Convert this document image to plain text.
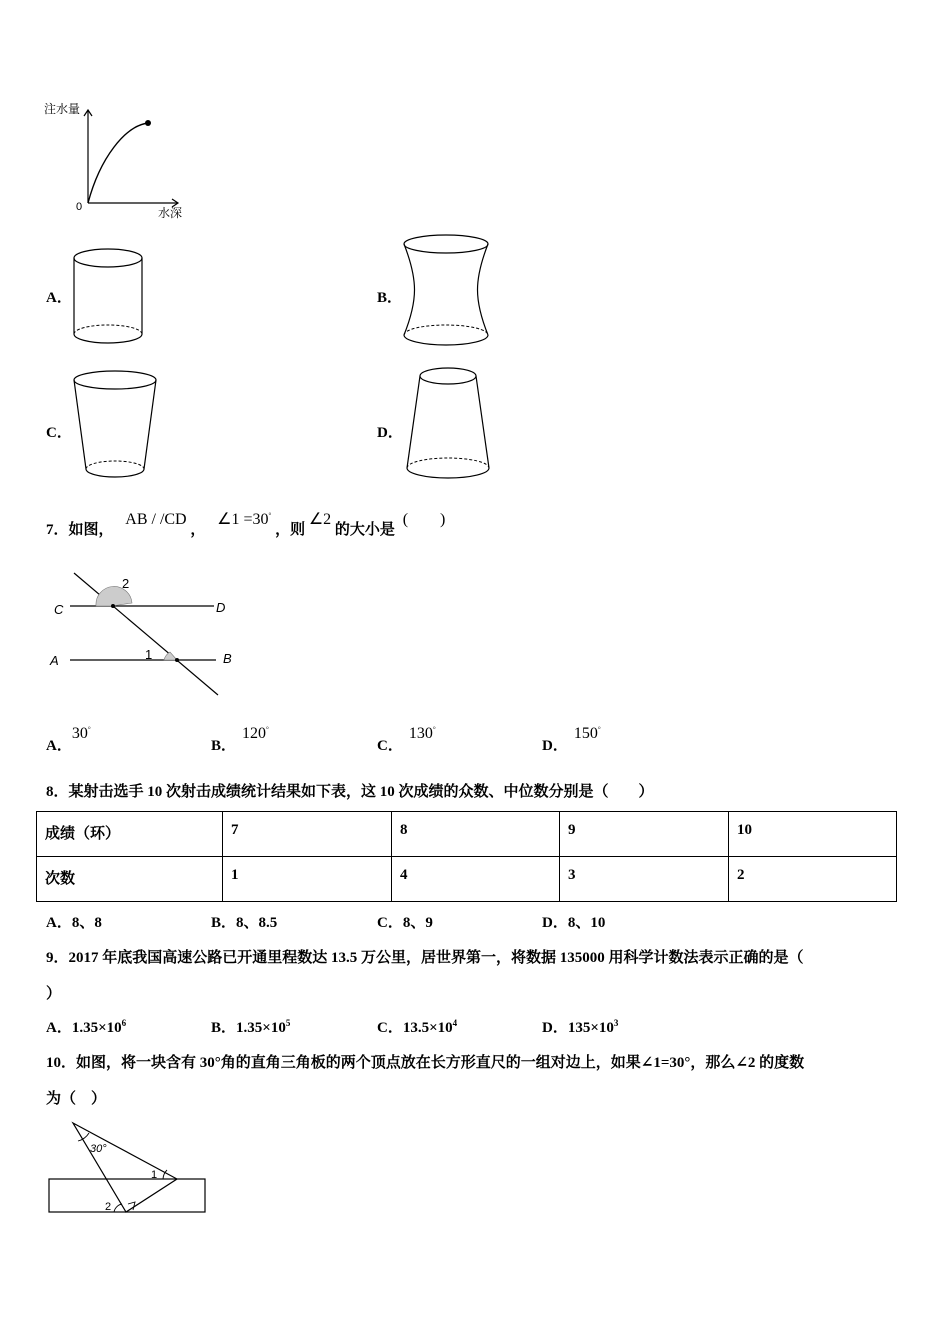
注水量
水深
0
A．	B．
C．	D．
7．如图， AB / /CD ， ∠1 =30° ，则 ∠2 的大小是 (　　)
C	D
A	B
1
2
A．30°
B．120°
C．130°
D．150°
8．某射击选手 10 次射击成绩统计结果如下表，这 10 次成绩的众数、中位数分别是（　　）
成绩（环）	7	8	9	10
次数	1	4	3	2
A．8、8	B．8、8.5	C．8、9	D．8、10
9．2017 年底我国高速公路已开通里程数达 13.5 万公里，居世界第一，将数据 135000 用科学计数法表示正确的是（
）
A．$1.35\times 10^6$	B．$1.35\times 10^5$	C．$13.5\times 10^4$	D．$135\times 10^3$
10．如图，将一块含有 30°角的直角三角板的两个顶点放在长方形直尺的一组对边上，如果∠1=30°，那么∠2 的度数
为（　）
30°
1
2
